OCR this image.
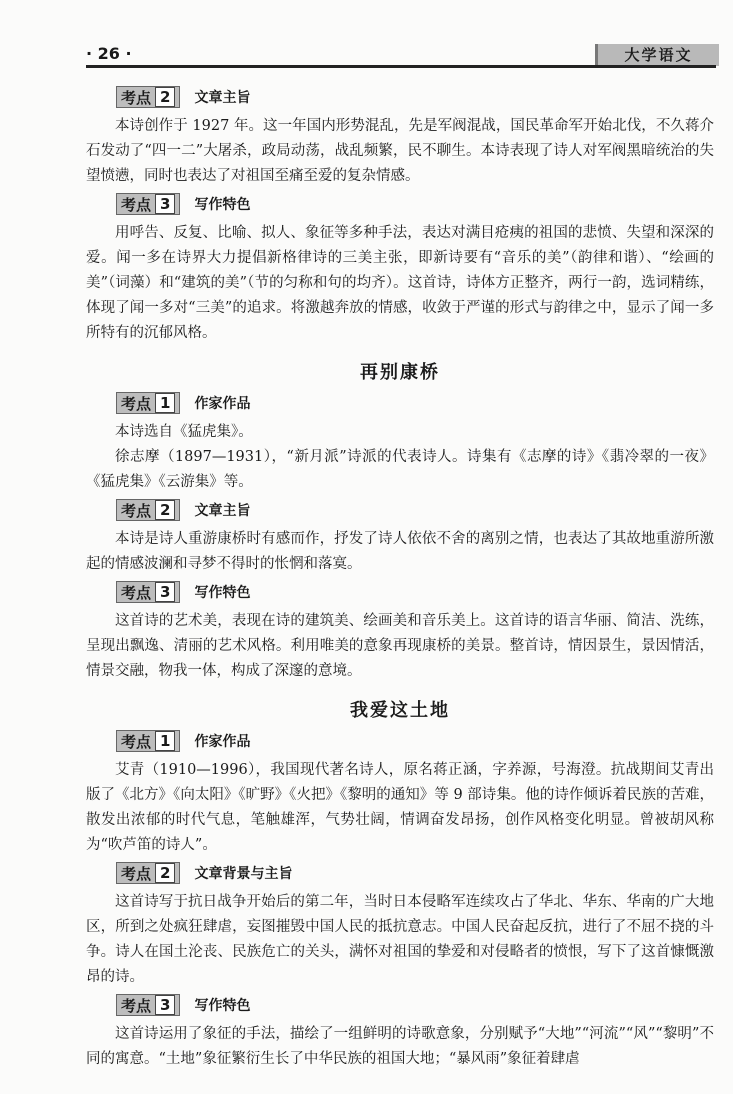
· 26 ·	大学语文
考点 2	文章主旨

本诗创作于 1927 年。这一年国内形势混乱，先是军阀混战，国民革命军开始北伐，不久蒋介石发动了“四一二”大屠杀，政局动荡，战乱频繁，民不聊生。本诗表现了诗人对军阀黑暗统治的失望愤懑，同时也表达了对祖国至痛至爱的复杂情感。

考点 3	写作特色

用呼告、反复、比喻、拟人、象征等多种手法，表达对满目疮痍的祖国的悲愤、失望和深深的爱。闻一多在诗界大力提倡新格律诗的三美主张，即新诗要有“音乐的美”（韵律和谐）、“绘画的美”（词藻）和“建筑的美”（节的匀称和句的均齐）。这首诗，诗体方正整齐，两行一韵，选词精练，体现了闻一多对“三美”的追求。将激越奔放的情感，收敛于严谨的形式与韵律之中，显示了闻一多所特有的沉郁风格。

再别康桥
考点 1	作家作品

本诗选自《猛虎集》。

徐志摩（1897—1931），“新月派”诗派的代表诗人。诗集有《志摩的诗》《翡冷翠的一夜》《猛虎集》《云游集》等。

考点 2	文章主旨

本诗是诗人重游康桥时有感而作，抒发了诗人依依不舍的离别之情，也表达了其故地重游所激起的情感波澜和寻梦不得时的怅惘和落寞。

考点 3	写作特色

这首诗的艺术美，表现在诗的建筑美、绘画美和音乐美上。这首诗的语言华丽、简洁、洗练，呈现出飘逸、清丽的艺术风格。利用唯美的意象再现康桥的美景。整首诗，情因景生，景因情活，情景交融，物我一体，构成了深邃的意境。

我爱这土地
考点 1	作家作品

艾青（1910—1996），我国现代著名诗人，原名蒋正涵，字养源，号海澄。抗战期间艾青出版了《北方》《向太阳》《旷野》《火把》《黎明的通知》等 9 部诗集。他的诗作倾诉着民族的苦难，散发出浓郁的时代气息，笔触雄浑，气势壮阔，情调奋发昂扬，创作风格变化明显。曾被胡风称为“吹芦笛的诗人”。

考点 2	文章背景与主旨

这首诗写于抗日战争开始后的第二年，当时日本侵略军连续攻占了华北、华东、华南的广大地区，所到之处疯狂肆虐，妄图摧毁中国人民的抵抗意志。中国人民奋起反抗，进行了不屈不挠的斗争。诗人在国土沦丧、民族危亡的关头，满怀对祖国的挚爱和对侵略者的愤恨，写下了这首慷慨激昂的诗。

考点 3	写作特色

这首诗运用了象征的手法，描绘了一组鲜明的诗歌意象，分别赋予“大地”“河流”“风”“黎明”不同的寓意。“土地”象征繁衍生长了中华民族的祖国大地；“暴风雨”象征着肆虐
